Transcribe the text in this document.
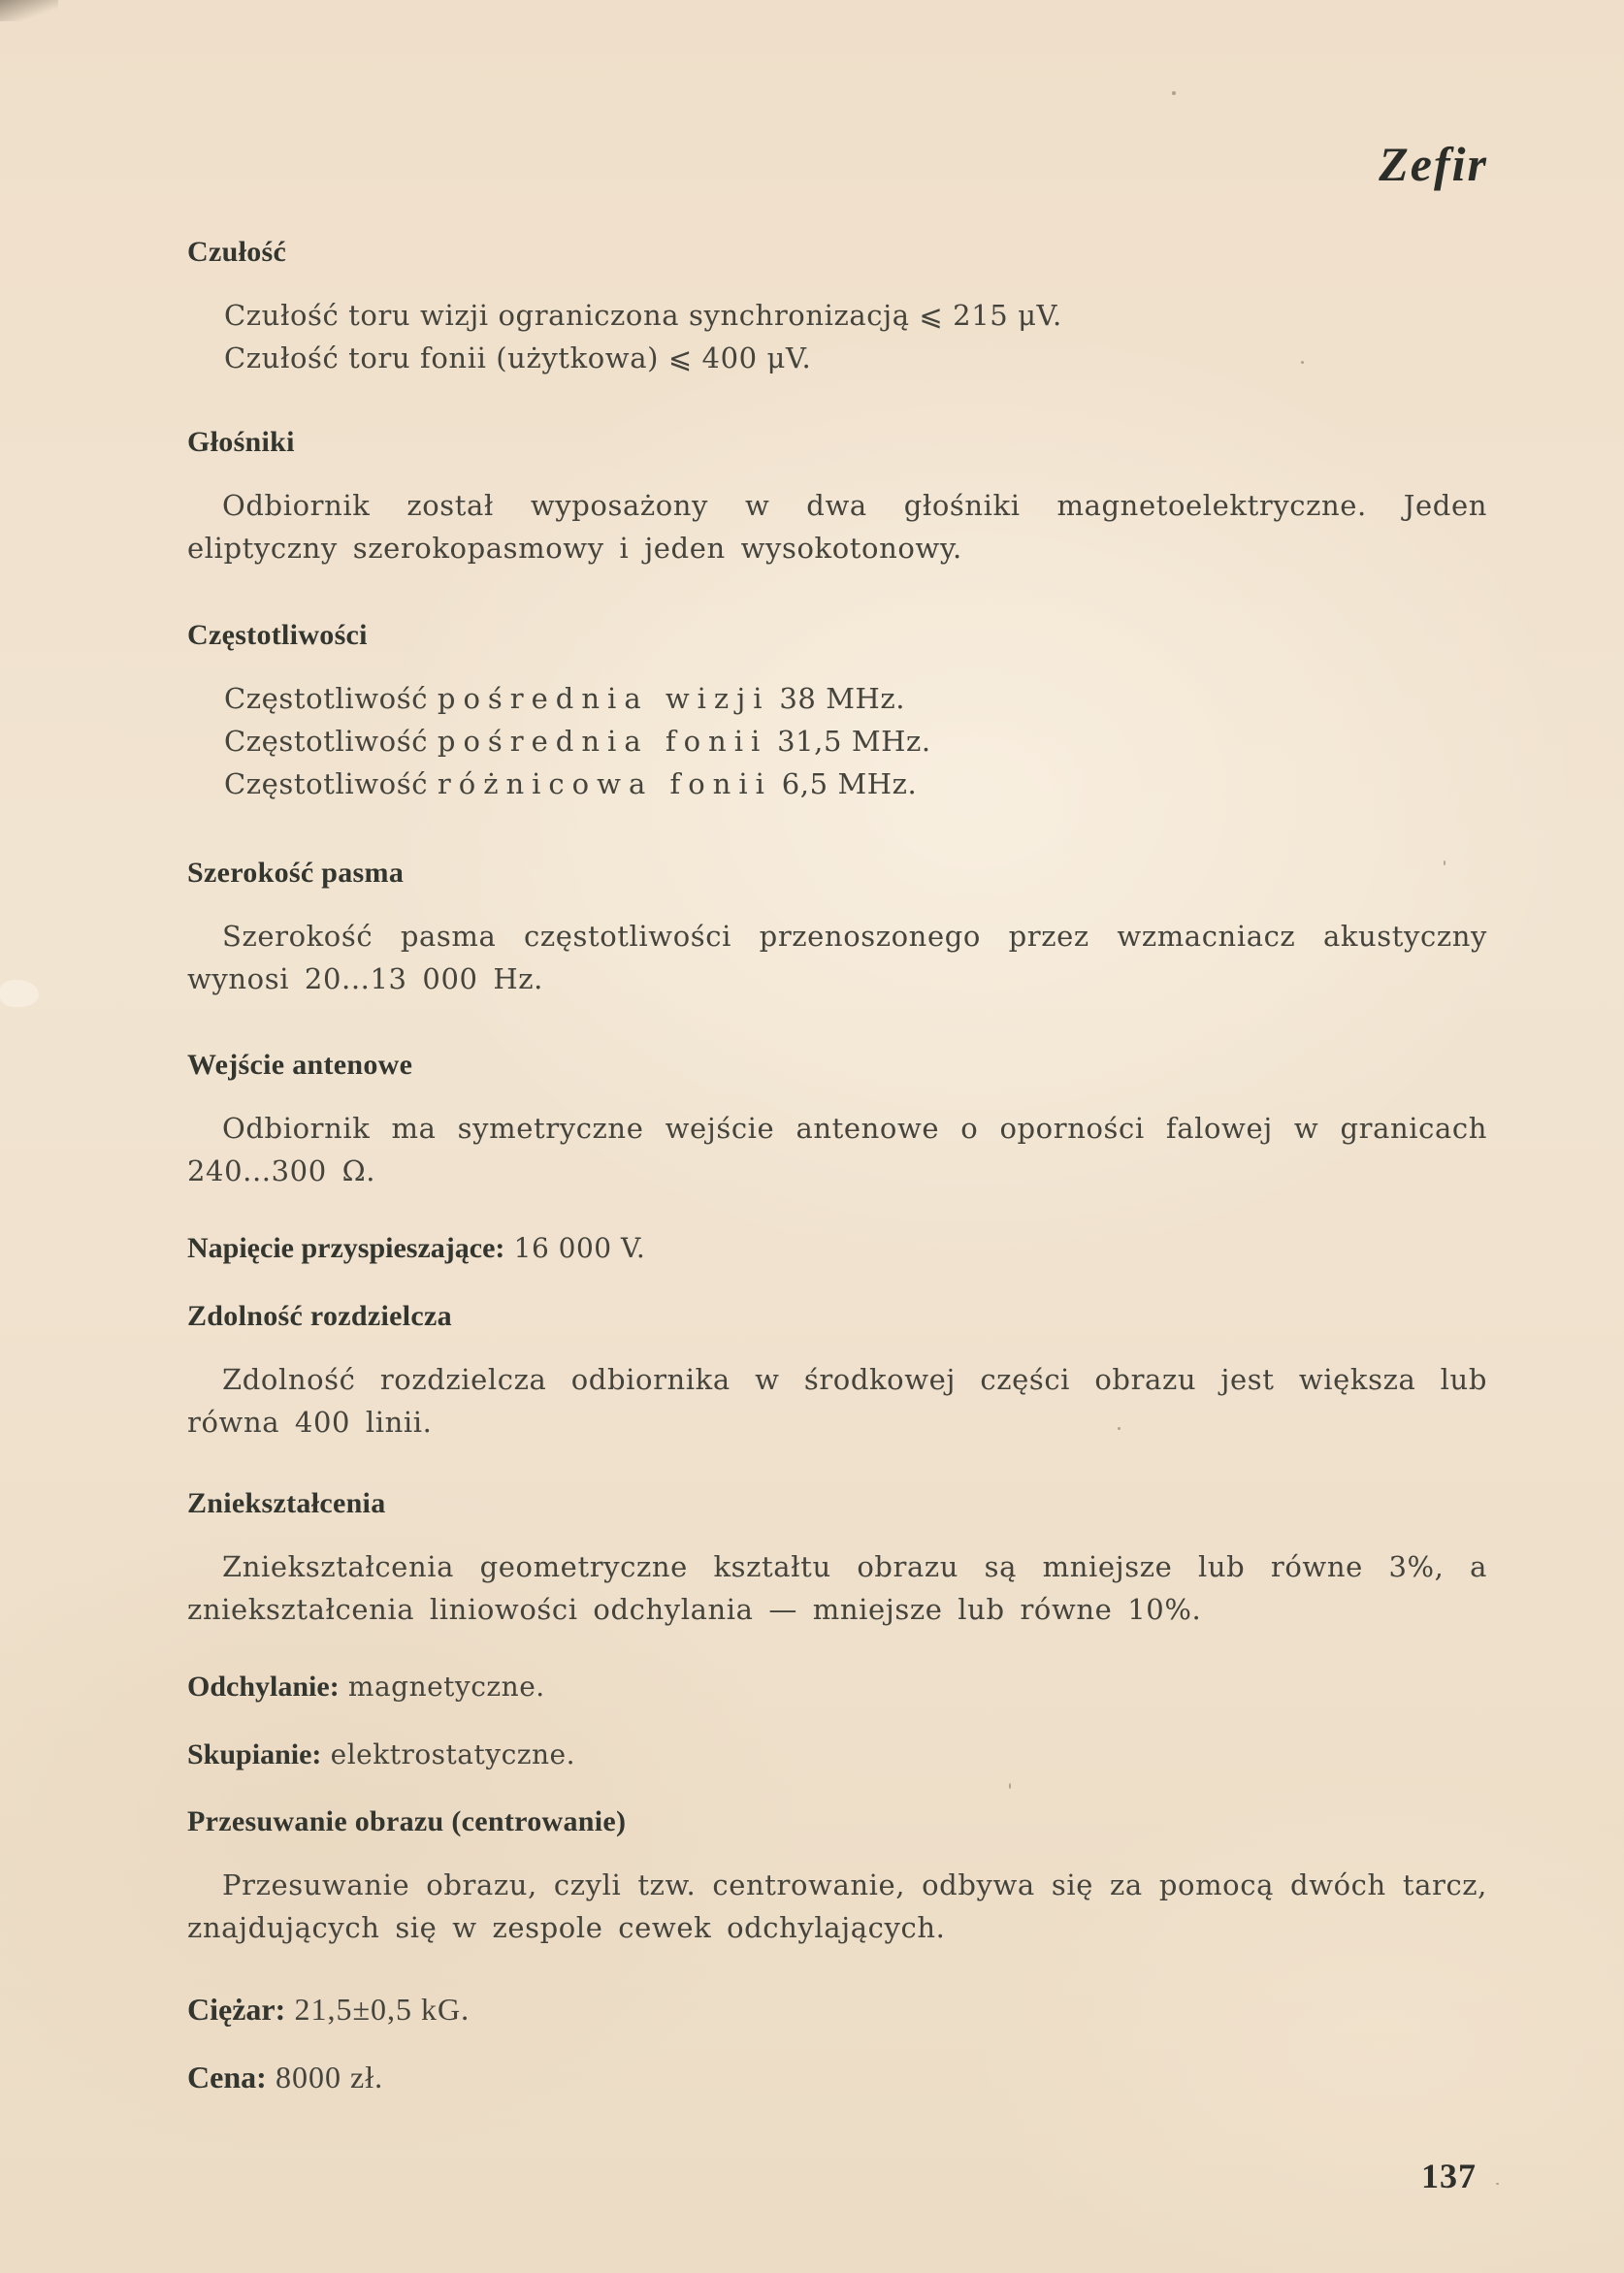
Zefir
Czułość
Czułość toru wizji ograniczona synchronizacją ⩽ 215 μV.
Czułość toru fonii (użytkowa) ⩽ 400 μV.
Głośniki

Odbiornik został wyposażony w dwa głośniki magnetoelektryczne. Jeden eliptyczny szerokopasmowy i jeden wysokotonowy.

Częstotliwości
Częstotliwość pośrednia wizji 38 MHz.
Częstotliwość pośrednia fonii 31,5 MHz.
Częstotliwość różnicowa fonii 6,5 MHz.
Szerokość pasma

Szerokość pasma częstotliwości przenoszonego przez wzmacniacz akustyczny wynosi 20...13 000 Hz.

Wejście antenowe

Odbiornik ma symetryczne wejście antenowe o oporności falowej w granicach 240...300 Ω.

Napięcie przyspieszające: 16 000 V.
Zdolność rozdzielcza

Zdolność rozdzielcza odbiornika w środkowej części obrazu jest większa lub równa 400 linii.

Zniekształcenia

Zniekształcenia geometryczne kształtu obrazu są mniejsze lub równe 3%, a zniekształcenia liniowości odchylania — mniejsze lub równe 10%.

Odchylanie: magnetyczne.
Skupianie: elektrostatyczne.
Przesuwanie obrazu (centrowanie)

Przesuwanie obrazu, czyli tzw. centrowanie, odbywa się za pomocą dwóch tarcz, znajdujących się w zespole cewek odchylających.

Ciężar: 21,5±0,5 kG.
Cena: 8000 zł.
137
